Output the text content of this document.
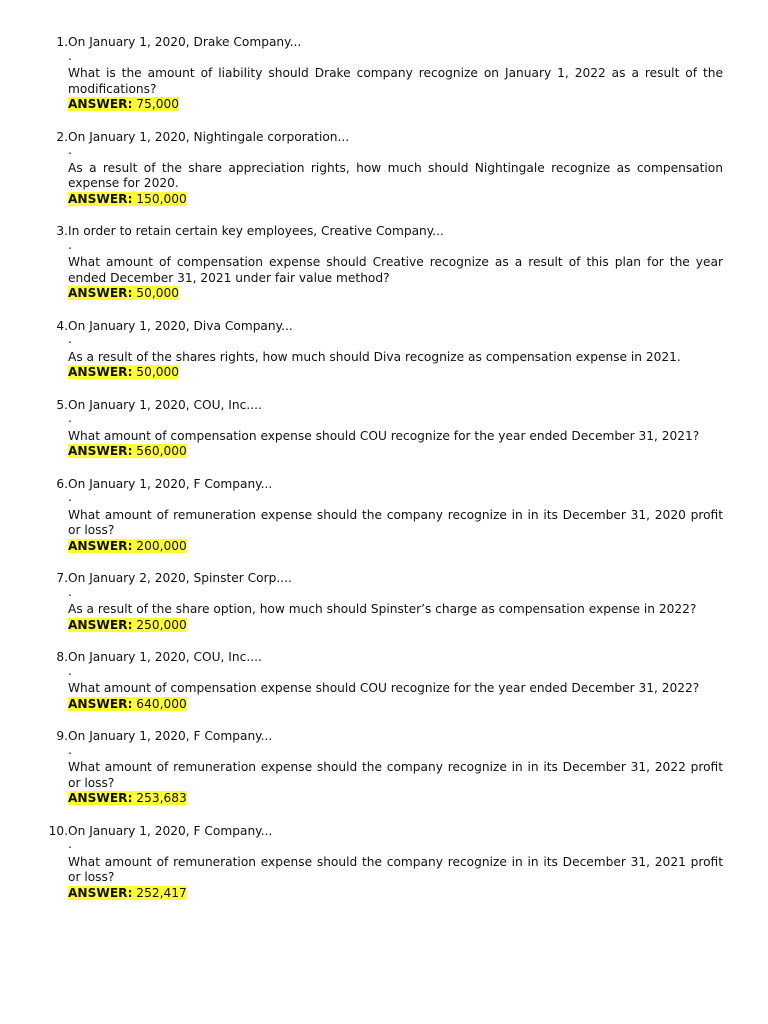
1. On January 1, 2020, Drake Company...
.
What is the amount of liability should Drake company recognize on January 1, 2022 as a result of the modifications?
ANSWER: 75,000
2. On January 1, 2020, Nightingale corporation...
.
As a result of the share appreciation rights, how much should Nightingale recognize as compensation expense for 2020.
ANSWER: 150,000
3. In order to retain certain key employees, Creative Company...
.
What amount of compensation expense should Creative recognize as a result of this plan for the year ended December 31, 2021 under fair value method?
ANSWER: 50,000
4. On January 1, 2020, Diva Company...
.
As a result of the shares rights, how much should Diva recognize as compensation expense in 2021.
ANSWER: 50,000
5. On January 1, 2020, COU, Inc....
.
What amount of compensation expense should COU recognize for the year ended December 31, 2021?
ANSWER: 560,000
6. On January 1, 2020, F Company...
.
What amount of remuneration expense should the company recognize in in its December 31, 2020 profit or loss?
ANSWER: 200,000
7. On January 2, 2020, Spinster Corp....
.
As a result of the share option, how much should Spinster’s charge as compensation expense in 2022?
ANSWER: 250,000
8. On January 1, 2020, COU, Inc....
.
What amount of compensation expense should COU recognize for the year ended December 31, 2022?
ANSWER: 640,000
9. On January 1, 2020, F Company...
.
What amount of remuneration expense should the company recognize in in its December 31, 2022 profit or loss?
ANSWER: 253,683
10. On January 1, 2020, F Company...
.
What amount of remuneration expense should the company recognize in in its December 31, 2021 profit or loss?
ANSWER: 252,417
